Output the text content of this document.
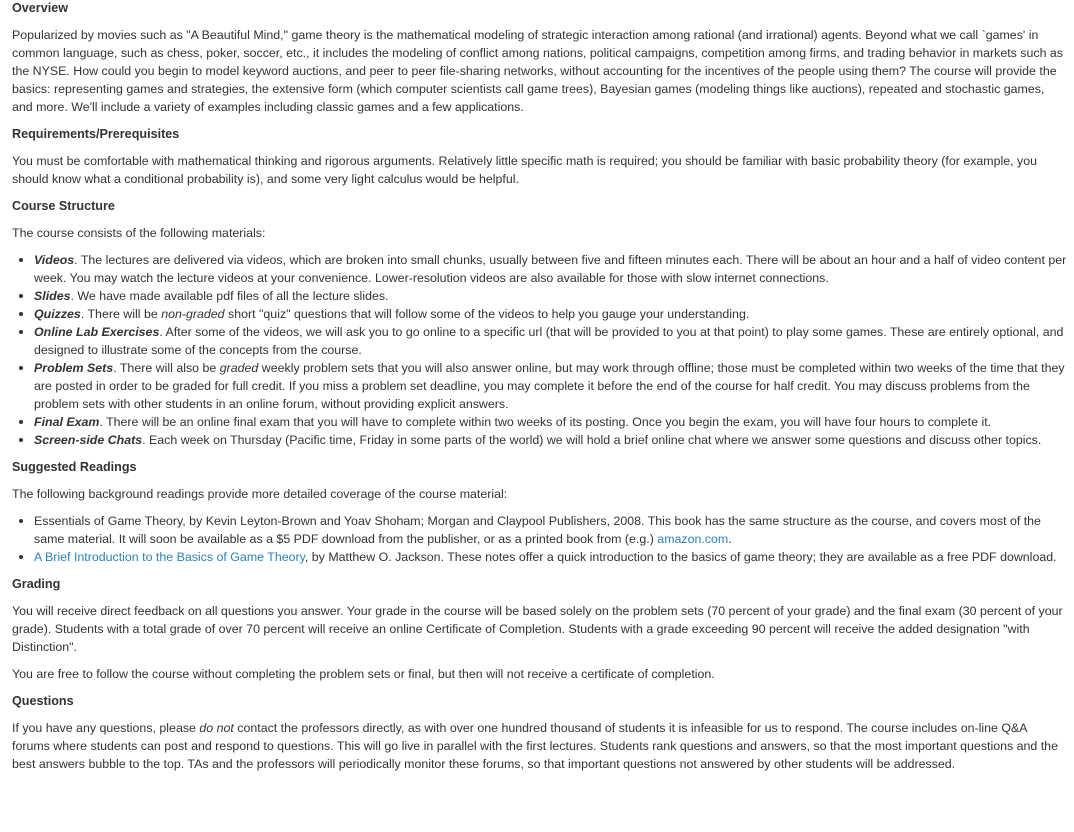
Overview

Popularized by movies such as "A Beautiful Mind," game theory is the mathematical modeling of strategic interaction among rational (and irrational) agents. Beyond what we call `games' in common language, such as chess, poker, soccer, etc., it includes the modeling of conflict among nations, political campaigns, competition among firms, and trading behavior in markets such as the NYSE. How could you begin to model keyword auctions, and peer to peer file-sharing networks, without accounting for the incentives of the people using them? The course will provide the basics: representing games and strategies, the extensive form (which computer scientists call game trees), Bayesian games (modeling things like auctions), repeated and stochastic games, and more. We'll include a variety of examples including classic games and a few applications.

Requirements/Prerequisites

You must be comfortable with mathematical thinking and rigorous arguments. Relatively little specific math is required; you should be familiar with basic probability theory (for example, you should know what a conditional probability is), and some very light calculus would be helpful.

Course Structure

The course consists of the following materials:

Videos. The lectures are delivered via videos, which are broken into small chunks, usually between five and fifteen minutes each. There will be about an hour and a half of video content per week. You may watch the lecture videos at your convenience. Lower-resolution videos are also available for those with slow internet connections.
Slides. We have made available pdf files of all the lecture slides.
Quizzes. There will be non-graded short "quiz" questions that will follow some of the videos to help you gauge your understanding.
Online Lab Exercises. After some of the videos, we will ask you to go online to a specific url (that will be provided to you at that point) to play some games. These are entirely optional, and designed to illustrate some of the concepts from the course.
Problem Sets. There will also be graded weekly problem sets that you will also answer online, but may work through offline; those must be completed within two weeks of the time that they are posted in order to be graded for full credit. If you miss a problem set deadline, you may complete it before the end of the course for half credit. You may discuss problems from the problem sets with other students in an online forum, without providing explicit answers.
Final Exam. There will be an online final exam that you will have to complete within two weeks of its posting. Once you begin the exam, you will have four hours to complete it.
Screen-side Chats. Each week on Thursday (Pacific time, Friday in some parts of the world) we will hold a brief online chat where we answer some questions and discuss other topics.
Suggested Readings

The following background readings provide more detailed coverage of the course material:

Essentials of Game Theory, by Kevin Leyton-Brown and Yoav Shoham; Morgan and Claypool Publishers, 2008. This book has the same structure as the course, and covers most of the same material. It will soon be available as a $5 PDF download from the publisher, or as a printed book from (e.g.) amazon.com.
A Brief Introduction to the Basics of Game Theory, by Matthew O. Jackson. These notes offer a quick introduction to the basics of game theory; they are available as a free PDF download.
Grading

You will receive direct feedback on all questions you answer. Your grade in the course will be based solely on the problem sets (70 percent of your grade) and the final exam (30 percent of your grade). Students with a total grade of over 70 percent will receive an online Certificate of Completion. Students with a grade exceeding 90 percent will receive the added designation "with Distinction".

You are free to follow the course without completing the problem sets or final, but then will not receive a certificate of completion.

Questions

If you have any questions, please do not contact the professors directly, as with over one hundred thousand of students it is infeasible for us to respond. The course includes on-line Q&A forums where students can post and respond to questions. This will go live in parallel with the first lectures. Students rank questions and answers, so that the most important questions and the best answers bubble to the top. TAs and the professors will periodically monitor these forums, so that important questions not answered by other students will be addressed.
